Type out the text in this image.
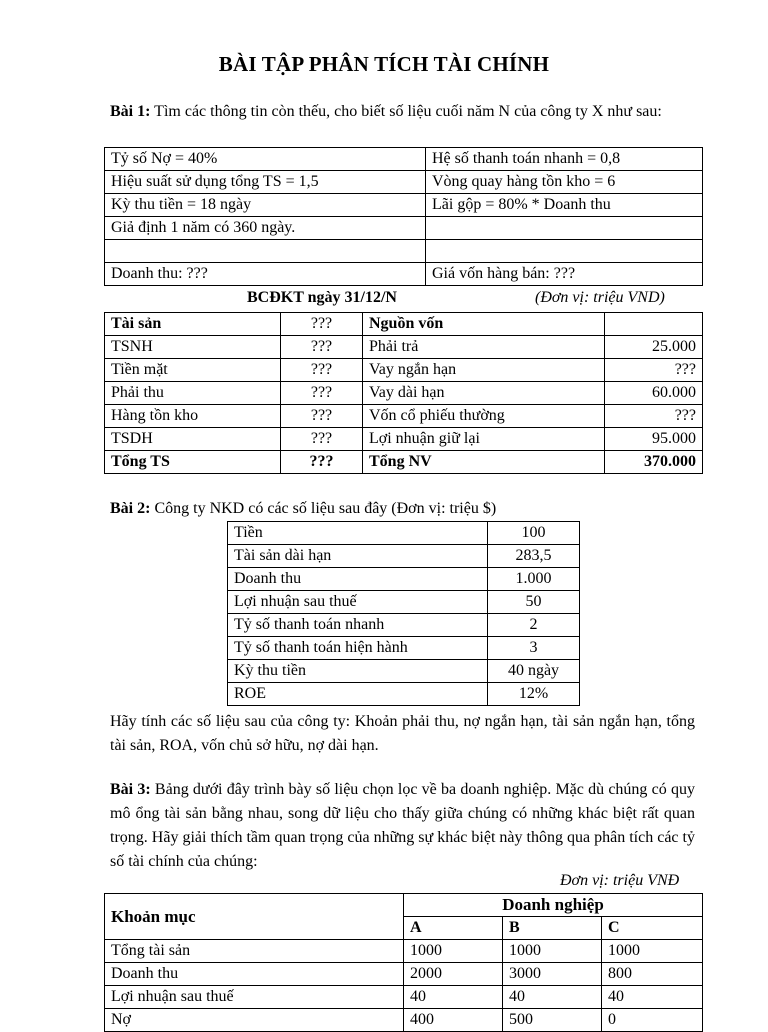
BÀI TẬP PHÂN TÍCH TÀI CHÍNH
Bài 1: Tìm các thông tin còn thếu, cho biết số liệu cuối năm N của công ty X như sau:
Tỷ số Nợ = 40%	Hệ số thanh toán nhanh = 0,8
Hiệu suất sử dụng tổng TS = 1,5	Vòng quay hàng tồn kho = 6
Kỳ thu tiền = 18 ngày	Lãi gộp = 80% * Doanh thu
Giả định 1 năm có 360 ngày.	

Doanh thu: ???	Giá vốn hàng bán: ???
BCĐKT ngày 31/12/N	(Đơn vị: triệu VND)
Tài sản	???	Nguồn vốn	
TSNH	???	Phải trả	25.000
Tiền mặt	???	Vay ngắn hạn	???
Phải thu	???	Vay dài hạn	60.000
Hàng tồn kho	???	Vốn cổ phiếu thường	???
TSDH	???	Lợi nhuận giữ lại	95.000
Tổng TS	???	Tổng NV	370.000
Bài 2: Công ty NKD có các số liệu sau đây (Đơn vị: triệu $)
Tiền	100
Tài sản dài hạn	283,5
Doanh thu	1.000
Lợi nhuận sau thuế	50
Tỷ số thanh toán nhanh	2
Tỷ số thanh toán hiện hành	3
Kỳ thu tiền	40 ngày
ROE	12%
Hãy tính các số liệu sau của công ty: Khoản phải thu, nợ ngắn hạn, tài sản ngắn hạn, tổng tài sản, ROA, vốn chủ sở hữu, nợ dài hạn.
Bài 3: Bảng dưới đây trình bày số liệu chọn lọc về ba doanh nghiệp. Mặc dù chúng có quy mô ổng tài sản bằng nhau, song dữ liệu cho thấy giữa chúng có những khác biệt rất quan trọng. Hãy giải thích tầm quan trọng của những sự khác biệt này thông qua phân tích các tỷ số tài chính của chúng:
Đơn vị: triệu VNĐ
Khoản mục	Doanh nghiệp		
	A	B	C
Tổng tài sản	1000	1000	1000
Doanh thu	2000	3000	800
Lợi nhuận sau thuế	40	40	40
Nợ	400	500	0
